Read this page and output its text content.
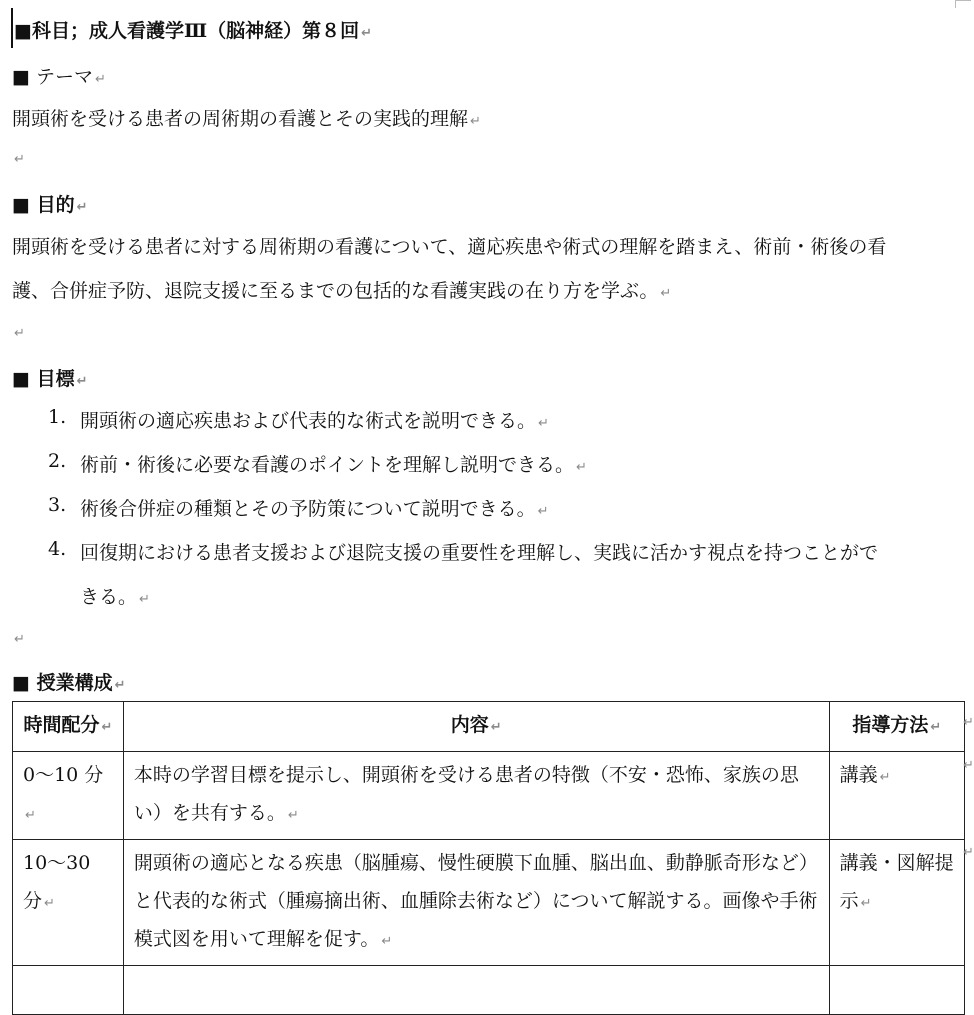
■科目；成人看護学Ⅲ（脳神経）第８回 ↵
■ テーマ ↵
開頭術を受ける患者の周術期の看護とその実践的理解 ↵
↵
■ 目的 ↵
開頭術を受ける患者に対する周術期の看護について、適応疾患や術式の理解を踏まえ、術前・術後の看
護、合併症予防、退院支援に至るまでの包括的な看護実践の在り方を学ぶ。 ↵
↵
■ 目標 ↵
1. 開頭術の適応疾患および代表的な術式を説明できる。 ↵
2. 術前・術後に必要な看護のポイントを理解し説明できる。 ↵
3. 術後合併症の種類とその予防策について説明できる。 ↵
4. 回復期における患者支援および退院支援の重要性を理解し、実践に活かす視点を持つことがで
きる。 ↵
↵
■ 授業構成 ↵
時間配分 ↵	内容 ↵	指導方法 ↵
0～10 分↵	本時の学習目標を提示し、開頭術を受ける患者の特徴（不安・恐怖、家族の思い）を共有する。 ↵	講義 ↵
10～30 分 ↵	開頭術の適応となる疾患（脳腫瘍、慢性硬膜下血腫、脳出血、動静脈奇形など）と代表的な術式（腫瘍摘出術、血腫除去術など）について解説する。画像や手術模式図を用いて理解を促す。 ↵	講義・図解提示 ↵

↵
↵
↵
